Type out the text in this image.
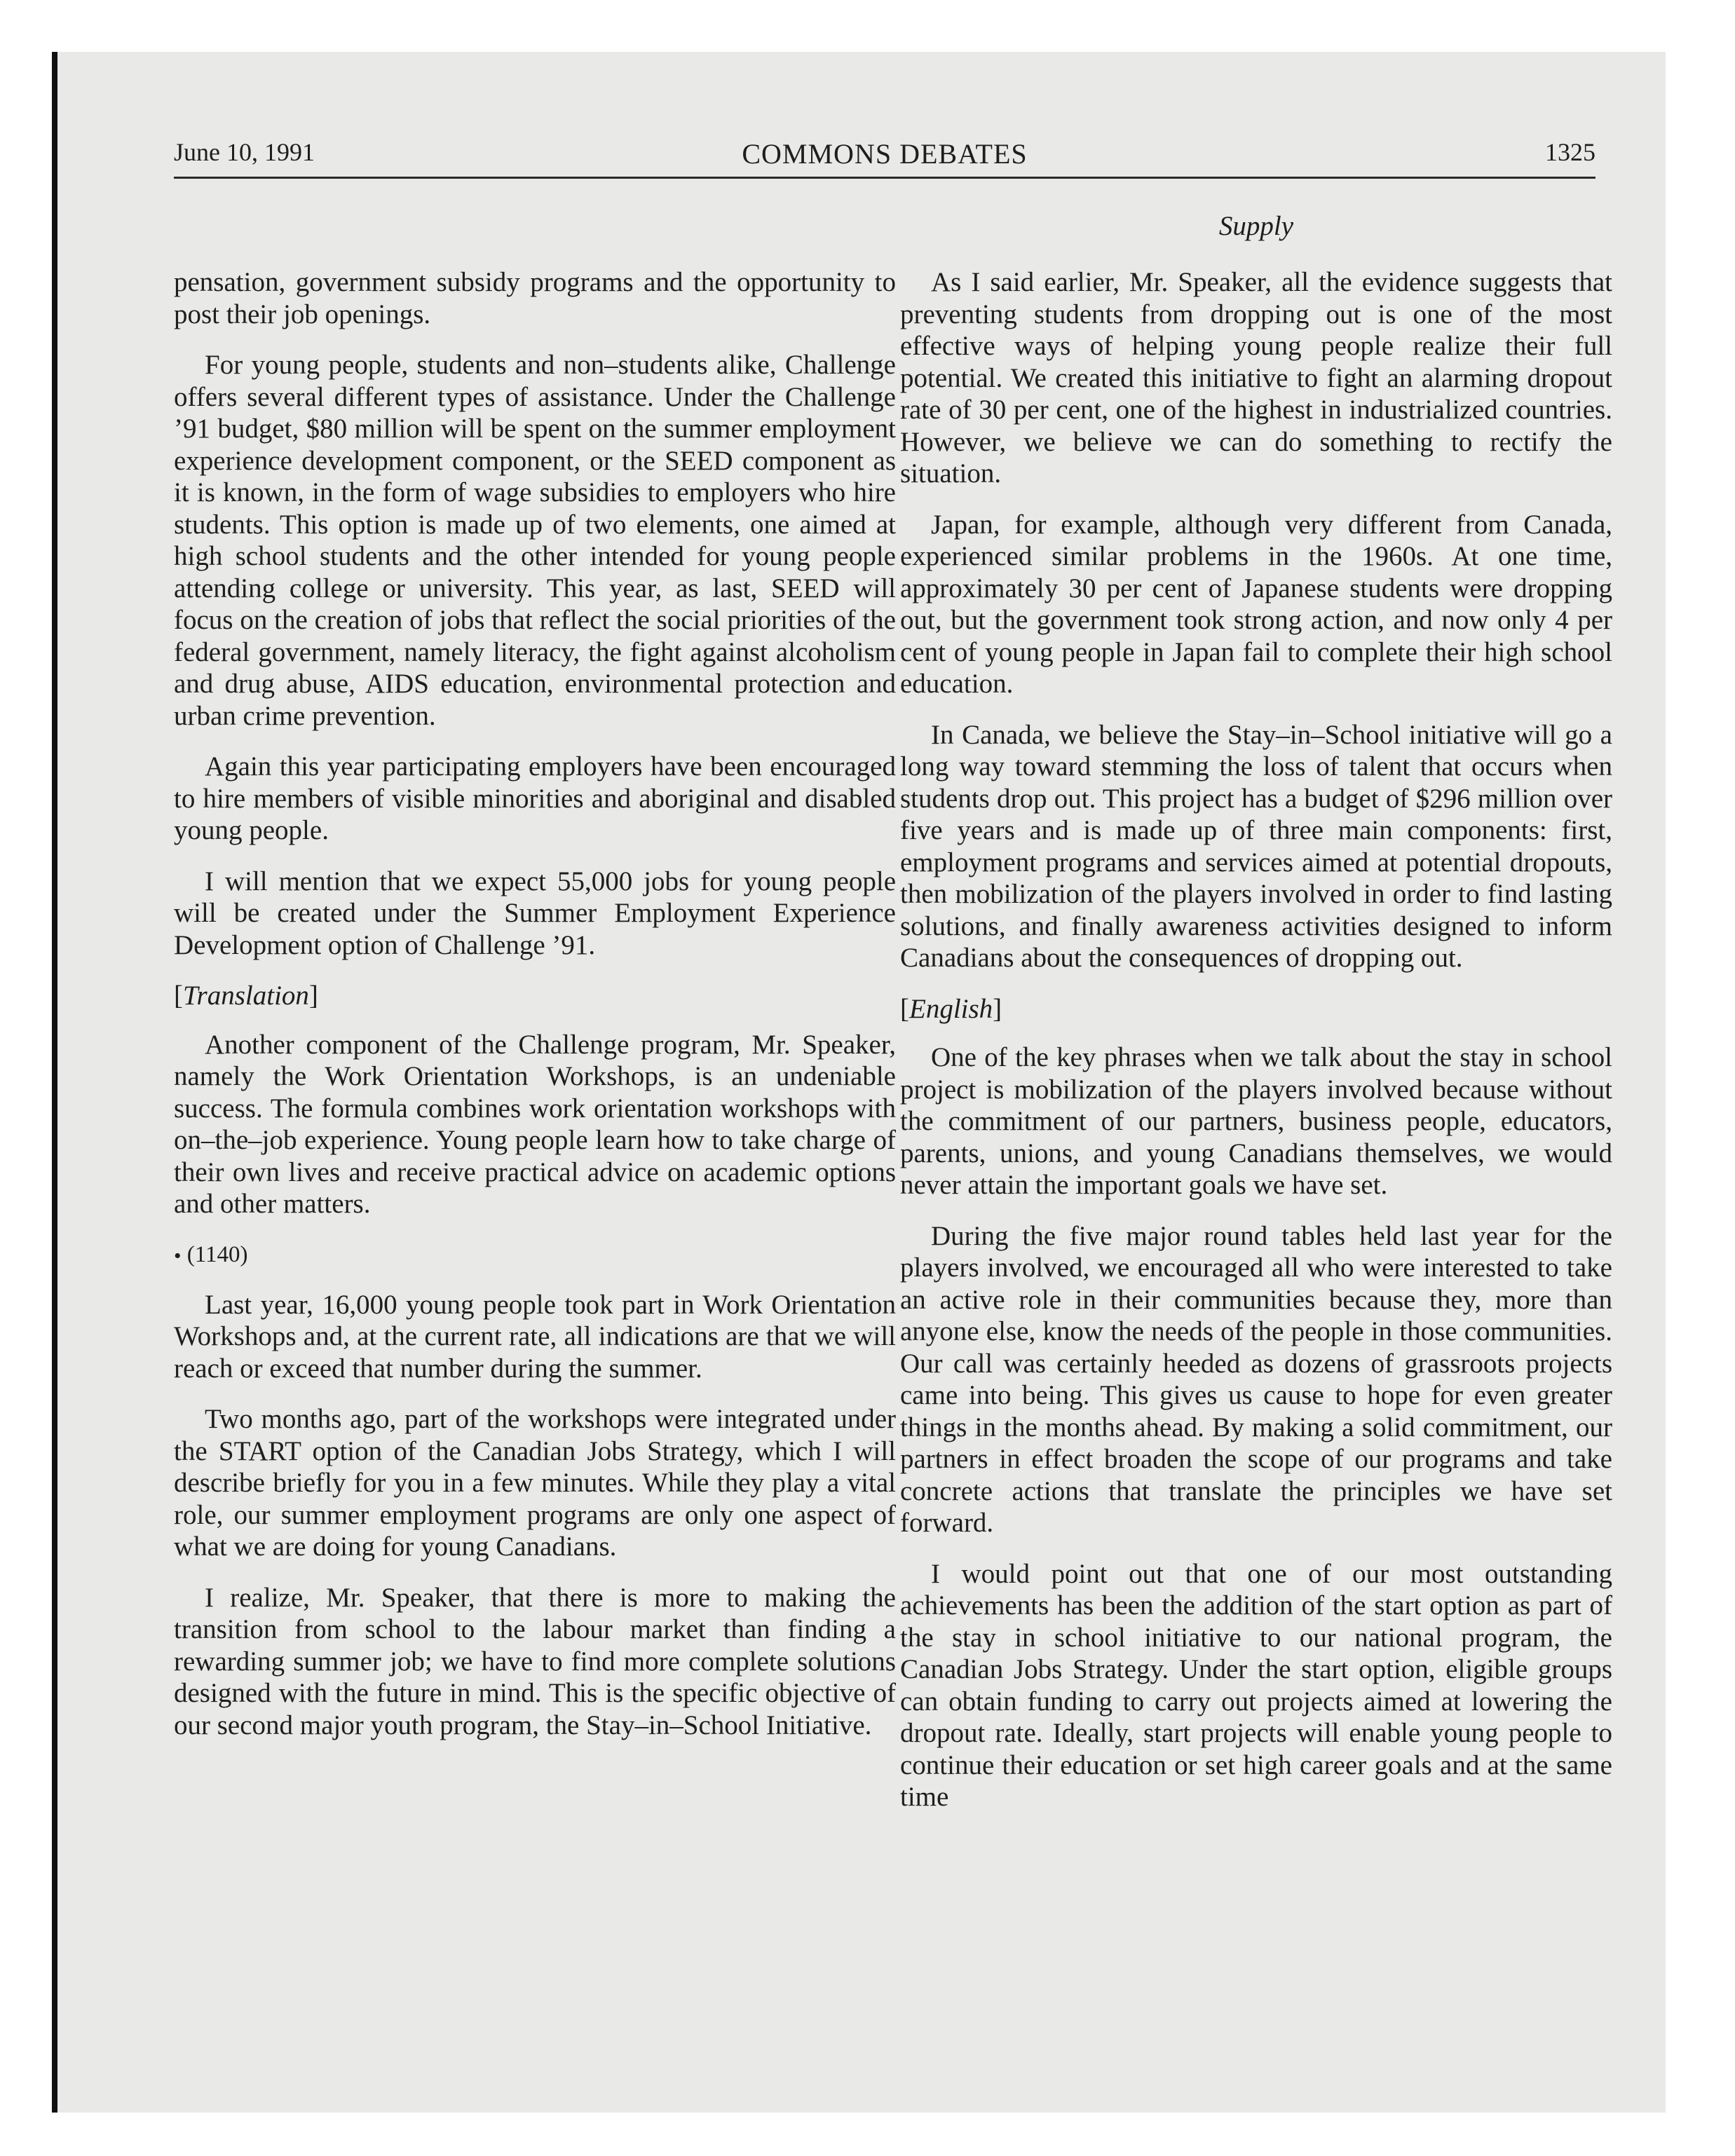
June 10, 1991	COMMONS DEBATES	1325
Supply

pensation, government subsidy programs and the opportunity to post their job openings.

For young people, students and non–students alike, Challenge offers several different types of assistance. Under the Challenge ’91 budget, $80 million will be spent on the summer employment experience development component, or the SEED component as it is known, in the form of wage subsidies to employers who hire students. This option is made up of two elements, one aimed at high school students and the other intended for young people attending college or university. This year, as last, SEED will focus on the creation of jobs that reflect the social priorities of the federal government, namely literacy, the fight against alcoholism and drug abuse, AIDS education, environmental protection and urban crime prevention.

Again this year participating employers have been encouraged to hire members of visible minorities and aboriginal and disabled young people.

I will mention that we expect 55,000 jobs for young people will be created under the Summer Employment Experience Development option of Challenge ’91.

[Translation]

Another component of the Challenge program, Mr. Speaker, namely the Work Orientation Workshops, is an undeniable success. The formula combines work orientation workshops with on–the–job experience. Young people learn how to take charge of their own lives and receive practical advice on academic options and other matters.

• (1140)

Last year, 16,000 young people took part in Work Orientation Workshops and, at the current rate, all indications are that we will reach or exceed that number during the summer.

Two months ago, part of the workshops were integrated under the START option of the Canadian Jobs Strategy, which I will describe briefly for you in a few minutes. While they play a vital role, our summer employment programs are only one aspect of what we are doing for young Canadians.

I realize, Mr. Speaker, that there is more to making the transition from school to the labour market than finding a rewarding summer job; we have to find more complete solutions designed with the future in mind. This is the specific objective of our second major youth program, the Stay–in–School Initiative.

As I said earlier, Mr. Speaker, all the evidence suggests that preventing students from dropping out is one of the most effective ways of helping young people realize their full potential. We created this initiative to fight an alarming dropout rate of 30 per cent, one of the highest in industrialized countries. However, we believe we can do something to rectify the situation.

Japan, for example, although very different from Canada, experienced similar problems in the 1960s. At one time, approximately 30 per cent of Japanese students were dropping out, but the government took strong action, and now only 4 per cent of young people in Japan fail to complete their high school education.

In Canada, we believe the Stay–in–School initiative will go a long way toward stemming the loss of talent that occurs when students drop out. This project has a budget of $296 million over five years and is made up of three main components: first, employment programs and services aimed at potential dropouts, then mobilization of the players involved in order to find lasting solutions, and finally awareness activities designed to inform Canadians about the consequences of dropping out.

[English]

One of the key phrases when we talk about the stay in school project is mobilization of the players involved because without the commitment of our partners, business people, educators, parents, unions, and young Canadians themselves, we would never attain the important goals we have set.

During the five major round tables held last year for the players involved, we encouraged all who were interested to take an active role in their communities because they, more than anyone else, know the needs of the people in those communities. Our call was certainly heeded as dozens of grassroots projects came into being. This gives us cause to hope for even greater things in the months ahead. By making a solid commitment, our partners in effect broaden the scope of our programs and take concrete actions that translate the principles we have set forward.

I would point out that one of our most outstanding achievements has been the addition of the start option as part of the stay in school initiative to our national program, the Canadian Jobs Strategy. Under the start option, eligible groups can obtain funding to carry out projects aimed at lowering the dropout rate. Ideally, start projects will enable young people to continue their education or set high career goals and at the same time
